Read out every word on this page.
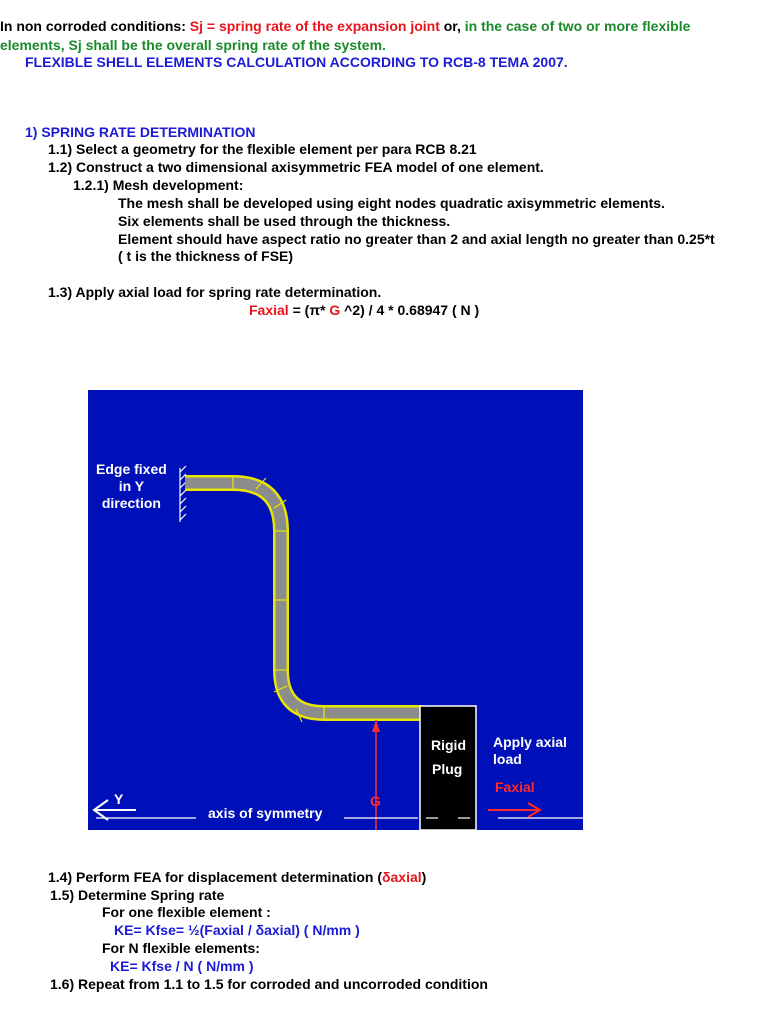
In non corroded conditions: Sj = spring rate of the expansion joint or, in the case of two or more flexible
elements, Sj shall be the overall spring rate of the system.
FLEXIBLE SHELL ELEMENTS CALCULATION ACCORDING TO RCB-8 TEMA 2007.
1) SPRING RATE DETERMINATION
1.1) Select a geometry for the flexible element per para RCB 8.21
1.2) Construct a two dimensional axisymmetric FEA model of one element.
1.2.1) Mesh development:
The mesh shall be developed using eight nodes quadratic axisymmetric elements.
Six elements shall be used through the thickness.
Element should have aspect ratio no greater than 2 and axial length no greater than 0.25*t
( t is the thickness of FSE)
1.3) Apply axial load for spring rate determination.
Faxial = (π* G ^2) / 4 * 0.68947 ( N )
Edge fixed
in Y
direction
Rigid
Plug
Apply axial
load
Faxial
Y	G
axis of symmetry
1.4) Perform FEA for displacement determination (δaxial)
1.5) Determine Spring rate
For one flexible element :
KE= Kfse= ½(Faxial / δaxial) ( N/mm )
For N flexible elements:
KE= Kfse / N ( N/mm )
1.6) Repeat from 1.1 to 1.5 for corroded and uncorroded condition
